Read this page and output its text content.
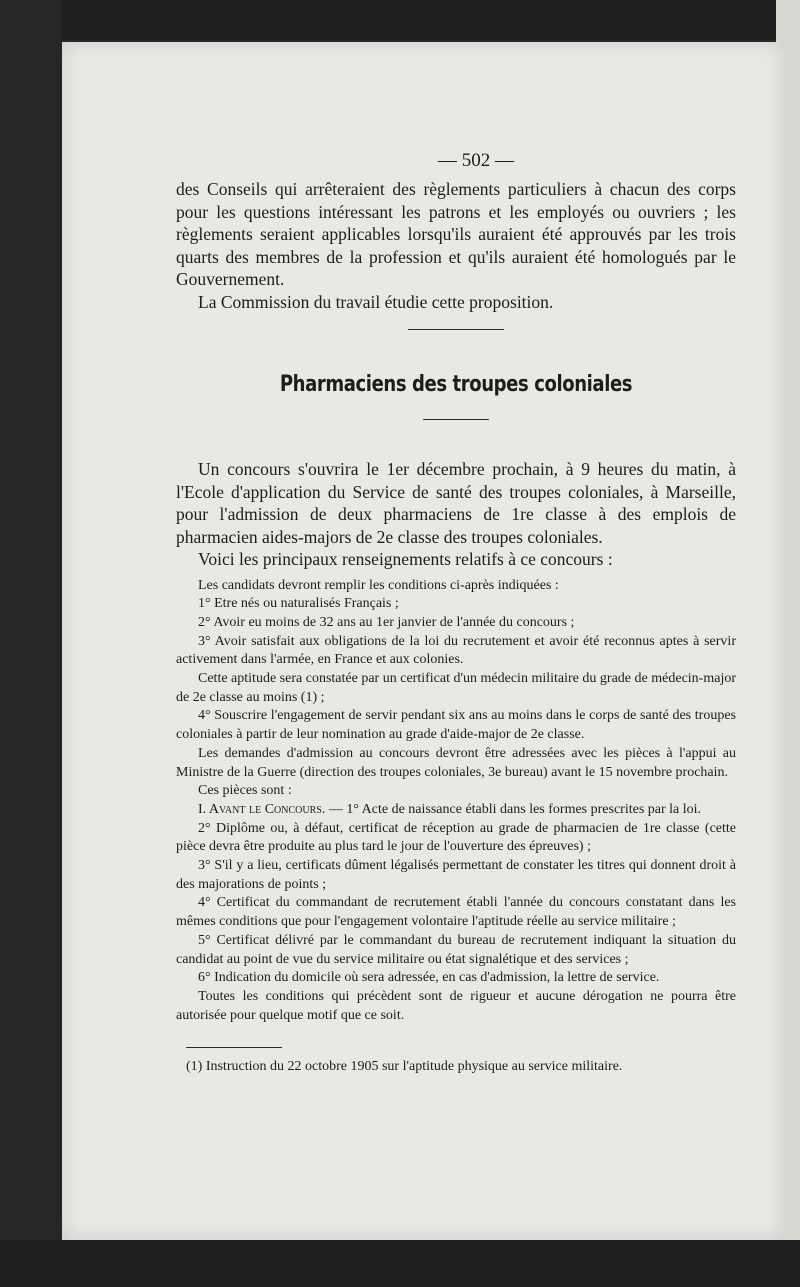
— 502 —

des Conseils qui arrêteraient des règlements particuliers à chacun des corps pour les questions intéressant les patrons et les employés ou ouvriers ; les règlements seraient applicables lorsqu'ils auraient été approuvés par les trois quarts des membres de la profession et qu'ils auraient été homologués par le Gouvernement.

La Commission du travail étudie cette proposition.

Pharmaciens des troupes coloniales

Un concours s'ouvrira le 1er décembre prochain, à 9 heures du matin, à l'Ecole d'application du Service de santé des troupes coloniales, à Marseille, pour l'admission de deux pharmaciens de 1re classe à des emplois de pharmacien aides-majors de 2e classe des troupes coloniales.

Voici les principaux renseignements relatifs à ce concours :

Les candidats devront remplir les conditions ci-après indiquées :

1° Etre nés ou naturalisés Français ;

2° Avoir eu moins de 32 ans au 1er janvier de l'année du concours ;

3° Avoir satisfait aux obligations de la loi du recrutement et avoir été reconnus aptes à servir activement dans l'armée, en France et aux colonies.

Cette aptitude sera constatée par un certificat d'un médecin militaire du grade de médecin-major de 2e classe au moins (1) ;

4° Souscrire l'engagement de servir pendant six ans au moins dans le corps de santé des troupes coloniales à partir de leur nomination au grade d'aide-major de 2e classe.

Les demandes d'admission au concours devront être adressées avec les pièces à l'appui au Ministre de la Guerre (direction des troupes coloniales, 3e bureau) avant le 15 novembre prochain.

Ces pièces sont :

I. Avant le Concours. — 1° Acte de naissance établi dans les formes prescrites par la loi.

2° Diplôme ou, à défaut, certificat de réception au grade de pharmacien de 1re classe (cette pièce devra être produite au plus tard le jour de l'ouverture des épreuves) ;

3° S'il y a lieu, certificats dûment légalisés permettant de constater les titres qui donnent droit à des majorations de points ;

4° Certificat du commandant de recrutement établi l'année du concours constatant dans les mêmes conditions que pour l'engagement volontaire l'aptitude réelle au service militaire ;

5° Certificat délivré par le commandant du bureau de recrutement indiquant la situation du candidat au point de vue du service militaire ou état signalétique et des services ;

6° Indication du domicile où sera adressée, en cas d'admission, la lettre de service.

Toutes les conditions qui précèdent sont de rigueur et aucune dérogation ne pourra être autorisée pour quelque motif que ce soit.

(1) Instruction du 22 octobre 1905 sur l'aptitude physique au service militaire.
